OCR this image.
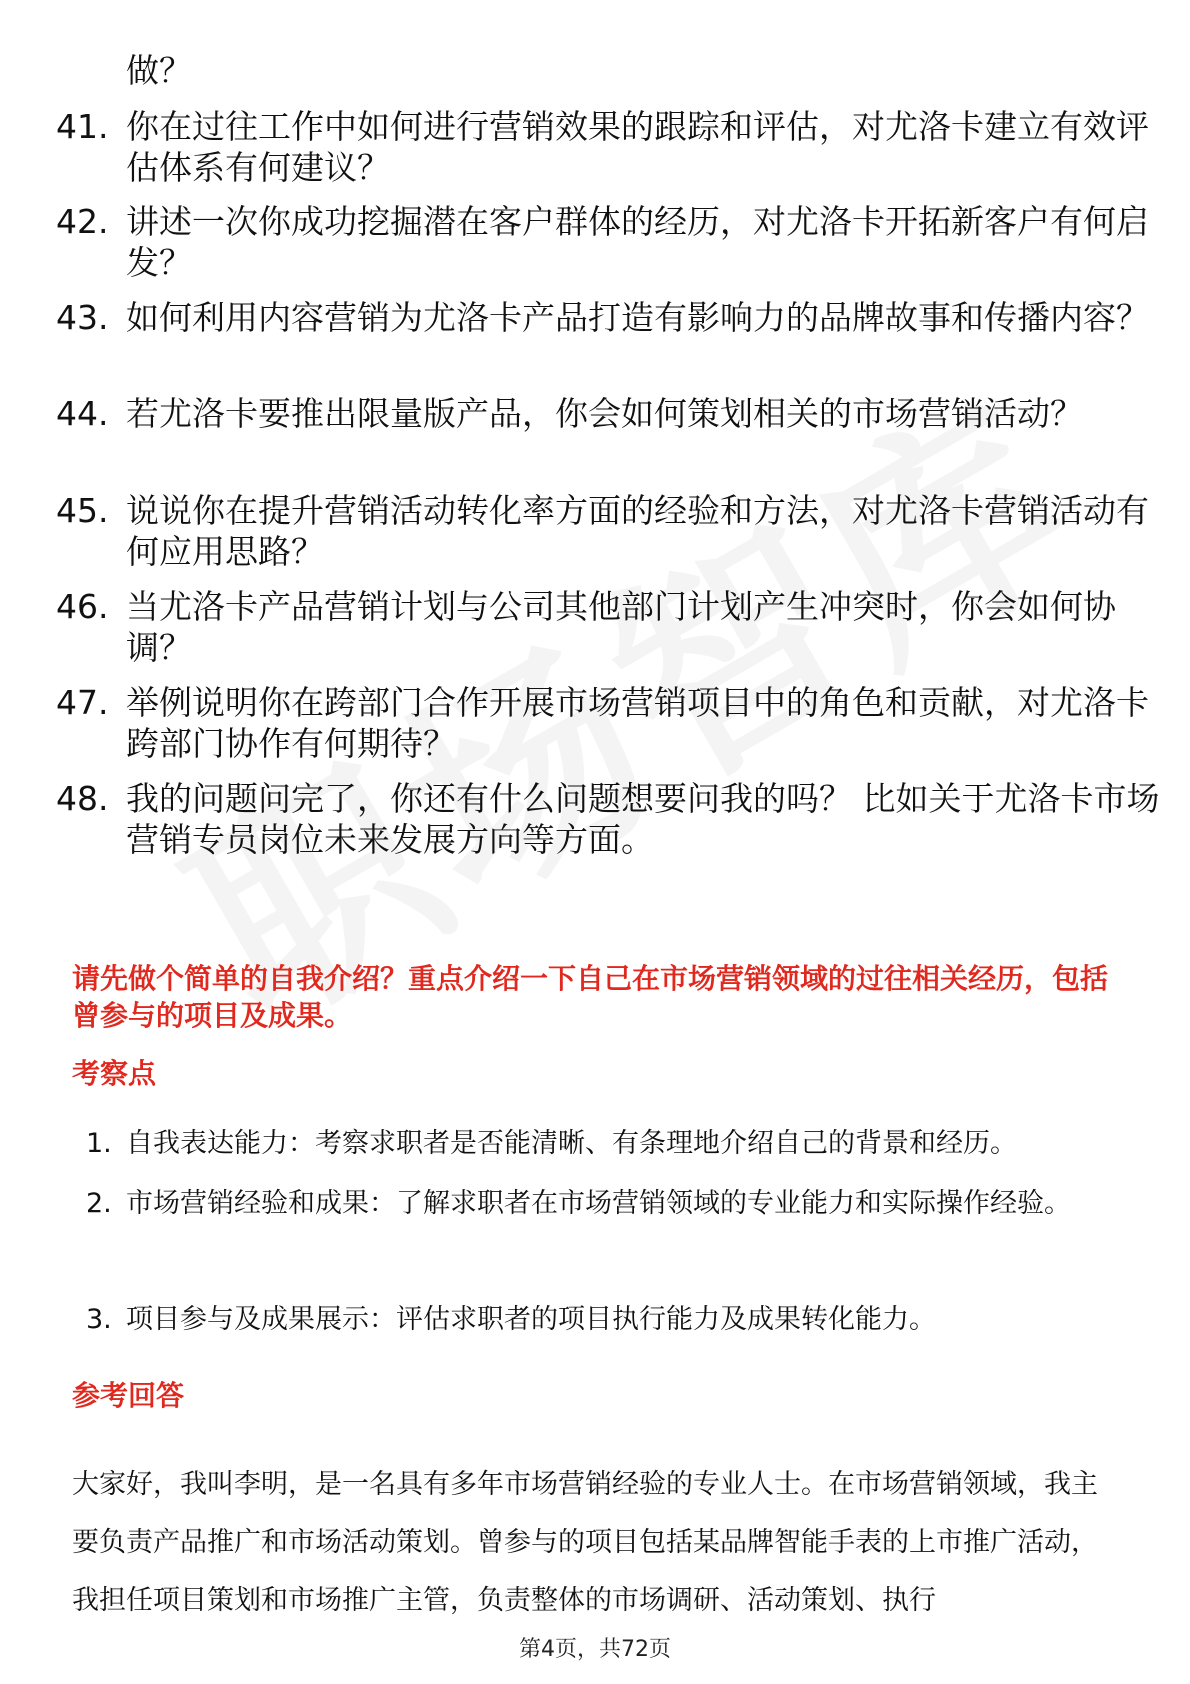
做？
41. 你在过往工作中如何进行营销效果的跟踪和评估，对尤洛卡建立有效评估体系有何建议？
42. 讲述一次你成功挖掘潜在客户群体的经历，对尤洛卡开拓新客户有何启发？
43. 如何利用内容营销为尤洛卡产品打造有影响力的品牌故事和传播内容？
44. 若尤洛卡要推出限量版产品，你会如何策划相关的市场营销活动？
45. 说说你在提升营销活动转化率方面的经验和方法，对尤洛卡营销活动有何应用思路？
46. 当尤洛卡产品营销计划与公司其他部门计划产生冲突时，你会如何协调？
47. 举例说明你在跨部门合作开展市场营销项目中的角色和贡献，对尤洛卡跨部门协作有何期待？
48. 我的问题问完了，你还有什么问题想要问我的吗？ 比如关于尤洛卡市场营销专员岗位未来发展方向等方面。
请先做个简单的自我介绍？重点介绍一下自己在市场营销领域的过往相关经历，包括曾参与的项目及成果。
考察点
1. 自我表达能力：考察求职者是否能清晰、有条理地介绍自己的背景和经历。
2. 市场营销经验和成果：了解求职者在市场营销领域的专业能力和实际操作经验。
3. 项目参与及成果展示：评估求职者的项目执行能力及成果转化能力。
参考回答
大家好，我叫李明，是一名具有多年市场营销经验的专业人士。在市场营销领域，我主要负责产品推广和市场活动策划。曾参与的项目包括某品牌智能手表的上市推广活动，我担任项目策划和市场推广主管，负责整体的市场调研、活动策划、执行
第4页，共72页
